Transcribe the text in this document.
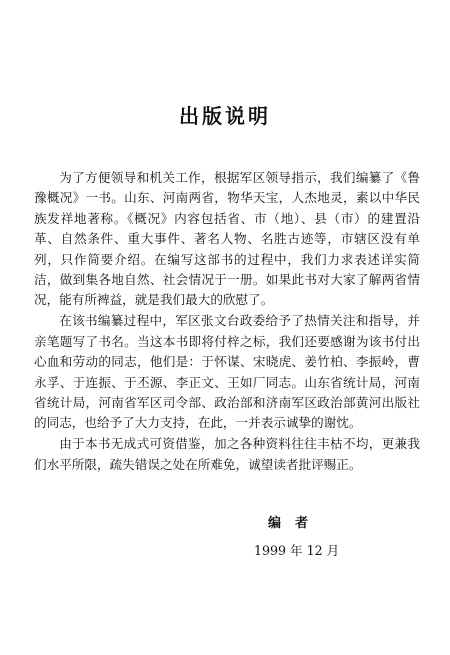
出版说明

为了方便领导和机关工作，根据军区领导指示，我们编纂了《鲁豫概况》一书。山东、河南两省，物华天宝，人杰地灵，素以中华民族发祥地著称。《概况》内容包括省、市（地）、县（市）的建置沿革、自然条件、重大事件、著名人物、名胜古迹等，市辖区没有单列，只作简要介绍。在编写这部书的过程中，我们力求表述详实简洁，做到集各地自然、社会情况于一册。如果此书对大家了解两省情况，能有所裨益，就是我们最大的欣慰了。

在该书编纂过程中，军区张文台政委给予了热情关注和指导，并亲笔题写了书名。当这本书即将付梓之标，我们还要感谢为该书付出心血和劳动的同志，他们是：于怀谋、宋晓虎、姜竹柏、李振岭，曹永孚、于连振、于丕源、李正文、王如厂同志。山东省统计局，河南省统计局，河南省军区司令部、政治部和济南军区政治部黄河出版社的同志，也给予了大力支持，在此，一并表示诚挚的谢忱。

由于本书无成式可资借鉴，加之各种资料往往丰枯不均，更兼我们水平所限，疏失错误之处在所难免，诚望读者批评赐正。

编者
1999 年 12 月
